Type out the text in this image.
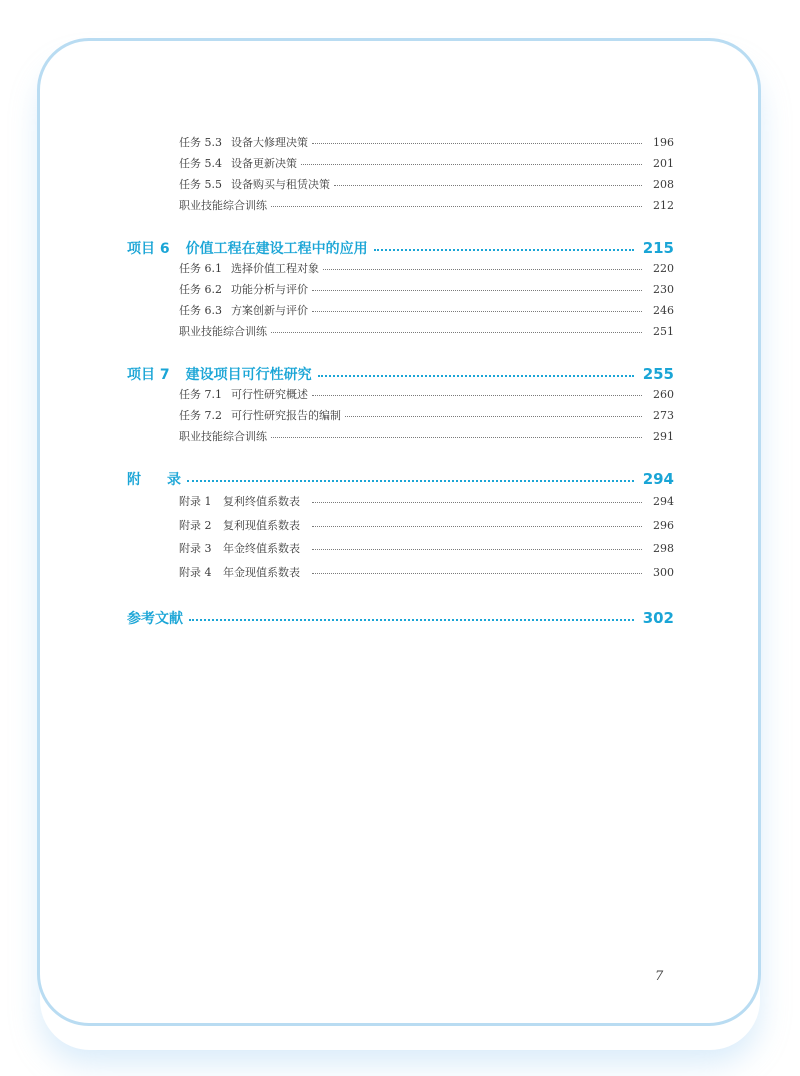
任务 5.3 设备大修理决策	196
任务 5.4 设备更新决策	201
任务 5.5 设备购买与租赁决策	208
职业技能综合训练	212
项目 6 价值工程在建设工程中的应用	215
任务 6.1 选择价值工程对象	220
任务 6.2 功能分析与评价	230
任务 6.3 方案创新与评价	246
职业技能综合训练	251
项目 7 建设项目可行性研究	255
任务 7.1 可行性研究概述	260
任务 7.2 可行性研究报告的编制	273
职业技能综合训练	291
附 录	294
附录 1	复利终值系数表	294
附录 2	复利现值系数表	296
附录 3	年金终值系数表	298
附录 4	年金现值系数表	300
参考文献	302
7
